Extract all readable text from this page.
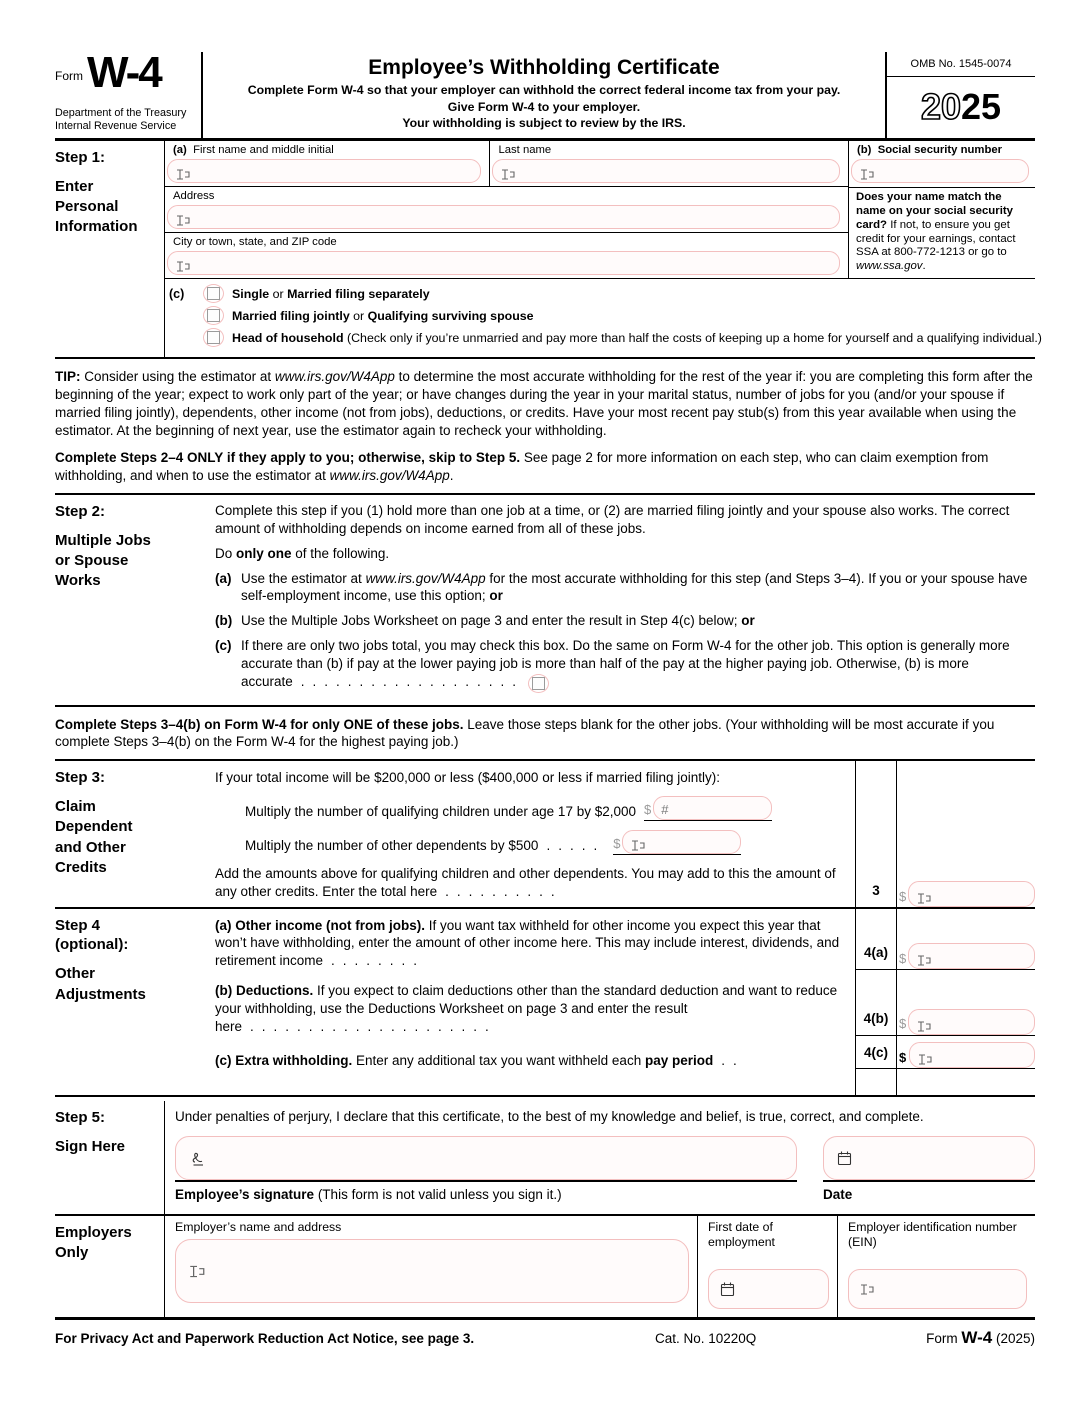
Form W-4
Department of the Treasury
Internal Revenue Service
Employee’s Withholding Certificate
Complete Form W-4 so that your employer can withhold the correct federal income tax from your pay.
Give Form W-4 to your employer.
Your withholding is subject to review by the IRS.
OMB No. 1545-0074
2025
Step 1:
Enter Personal Information
(a) First name and middle initial	Last name
Address
City or town, state, and ZIP code
(b) Social security number
Does your name match the name on your social security card? If not, to ensure you get credit for your earnings, contact SSA at 800-772-1213 or go to www.ssa.gov.
(c)	Single or Married filing separately
Married filing jointly or Qualifying surviving spouse
Head of household (Check only if you’re unmarried and pay more than half the costs of keeping up a home for yourself and a qualifying individual.)
TIP: Consider using the estimator at www.irs.gov/W4App to determine the most accurate withholding for the rest of the year if: you are completing this form after the beginning of the year; expect to work only part of the year; or have changes during the year in your marital status, number of jobs for you (and/or your spouse if married filing jointly), dependents, other income (not from jobs), deductions, or credits. Have your most recent pay stub(s) from this year available when using the estimator. At the beginning of next year, use the estimator again to recheck your withholding.
Complete Steps 2–4 ONLY if they apply to you; otherwise, skip to Step 5. See page 2 for more information on each step, who can claim exemption from withholding, and when to use the estimator at www.irs.gov/W4App.
Step 2:
Multiple Jobs or Spouse Works
Complete this step if you (1) hold more than one job at a time, or (2) are married filing jointly and your spouse also works. The correct amount of withholding depends on income earned from all of these jobs.
Do only one of the following.
(a) Use the estimator at www.irs.gov/W4App for the most accurate withholding for this step (and Steps 3–4). If you or your spouse have self-employment income, use this option; or
(b) Use the Multiple Jobs Worksheet on page 3 and enter the result in Step 4(c) below; or
(c) If there are only two jobs total, you may check this box. Do the same on Form W-4 for the other job. This option is generally more accurate than (b) if pay at the lower paying job is more than half of the pay at the higher paying job. Otherwise, (b) is more accurate ...................
Complete Steps 3–4(b) on Form W-4 for only ONE of these jobs. Leave those steps blank for the other jobs. (Your withholding will be most accurate if you complete Steps 3–4(b) on the Form W-4 for the highest paying job.)
Step 3:
Claim Dependent and Other Credits
If your total income will be $200,000 or less ($400,000 or less if married filing jointly):
Multiply the number of qualifying children under age 17 by $2,000 $ #
Multiply the number of other dependents by $500 ..... $
Add the amounts above for qualifying children and other dependents. You may add to this the amount of any other credits. Enter the total here ..........	3	$
Step 4 (optional):
Other Adjustments
(a) Other income (not from jobs). If you want tax withheld for other income you expect this year that won’t have withholding, enter the amount of other income here. This may include interest, dividends, and retirement income ........
4(a) $
(b) Deductions. If you expect to claim deductions other than the standard deduction and want to reduce your withholding, use the Deductions Worksheet on page 3 and enter the result here .....................
4(b) $
(c) Extra withholding. Enter any additional tax you want withheld each pay period ..
4(c) $
Step 5:
Sign Here
Under penalties of perjury, I declare that this certificate, to the best of my knowledge and belief, is true, correct, and complete.
Employee’s signature (This form is not valid unless you sign it.)	Date
Employers Only
Employer’s name and address	First date of employment
Employer identification number (EIN)
For Privacy Act and Paperwork Reduction Act Notice, see page 3.	Cat. No. 10220Q	Form W-4 (2025)
